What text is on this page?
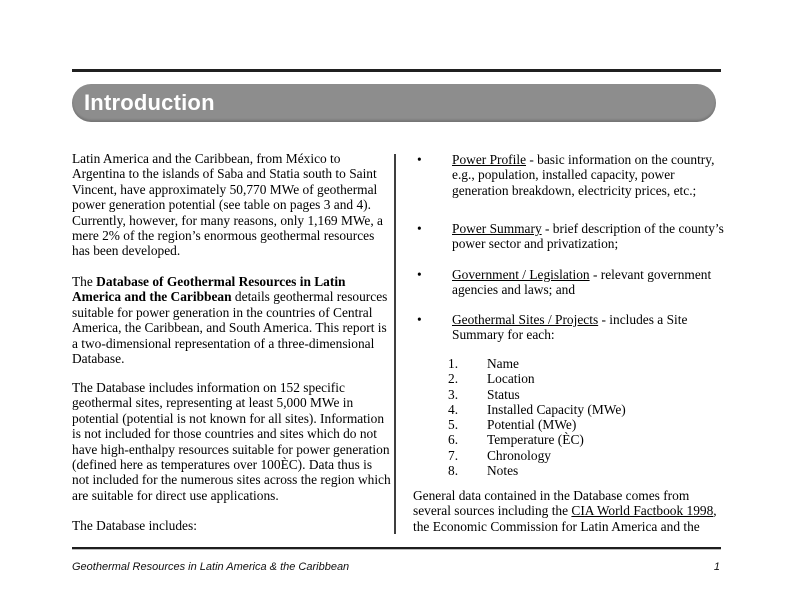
Introduction

Latin America and the Caribbean, from México to Argentina to the islands of Saba and Statia south to Saint Vincent, have approximately 50,770 MWe of geothermal power generation potential (see table on pages 3 and 4). Currently, however, for many reasons, only 1,169 MWe, a mere 2% of the region’s enormous geothermal resources has been developed.

The Database of Geothermal Resources in Latin America and the Caribbean details geothermal resources suitable for power generation in the countries of Central America, the Caribbean, and South America. This report is a two-dimensional representation of a three-dimensional Database.

The Database includes information on 152 specific geothermal sites, representing at least 5,000 MWe in potential (potential is not known for all sites). Information is not included for those countries and sites which do not have high-enthalpy resources suitable for power generation (defined here as temperatures over 100ÈC). Data thus is not included for the numerous sites across the region which are suitable for direct use applications.

The Database includes:

• Power Profile - basic information on the country, e.g., population, installed capacity, power generation breakdown, electricity prices, etc.;
• Power Summary - brief description of the county’s power sector and privatization;
• Government / Legislation - relevant government agencies and laws; and
• Geothermal Sites / Projects - includes a Site Summary for each:
1. Name
2. Location
3. Status
4. Installed Capacity (MWe)
5. Potential (MWe)
6. Temperature (ÈC)
7. Chronology
8. Notes

General data contained in the Database comes from several sources including the CIA World Factbook 1998, the Economic Commission for Latin America and the

Geothermal Resources in Latin America & the Caribbean	1
